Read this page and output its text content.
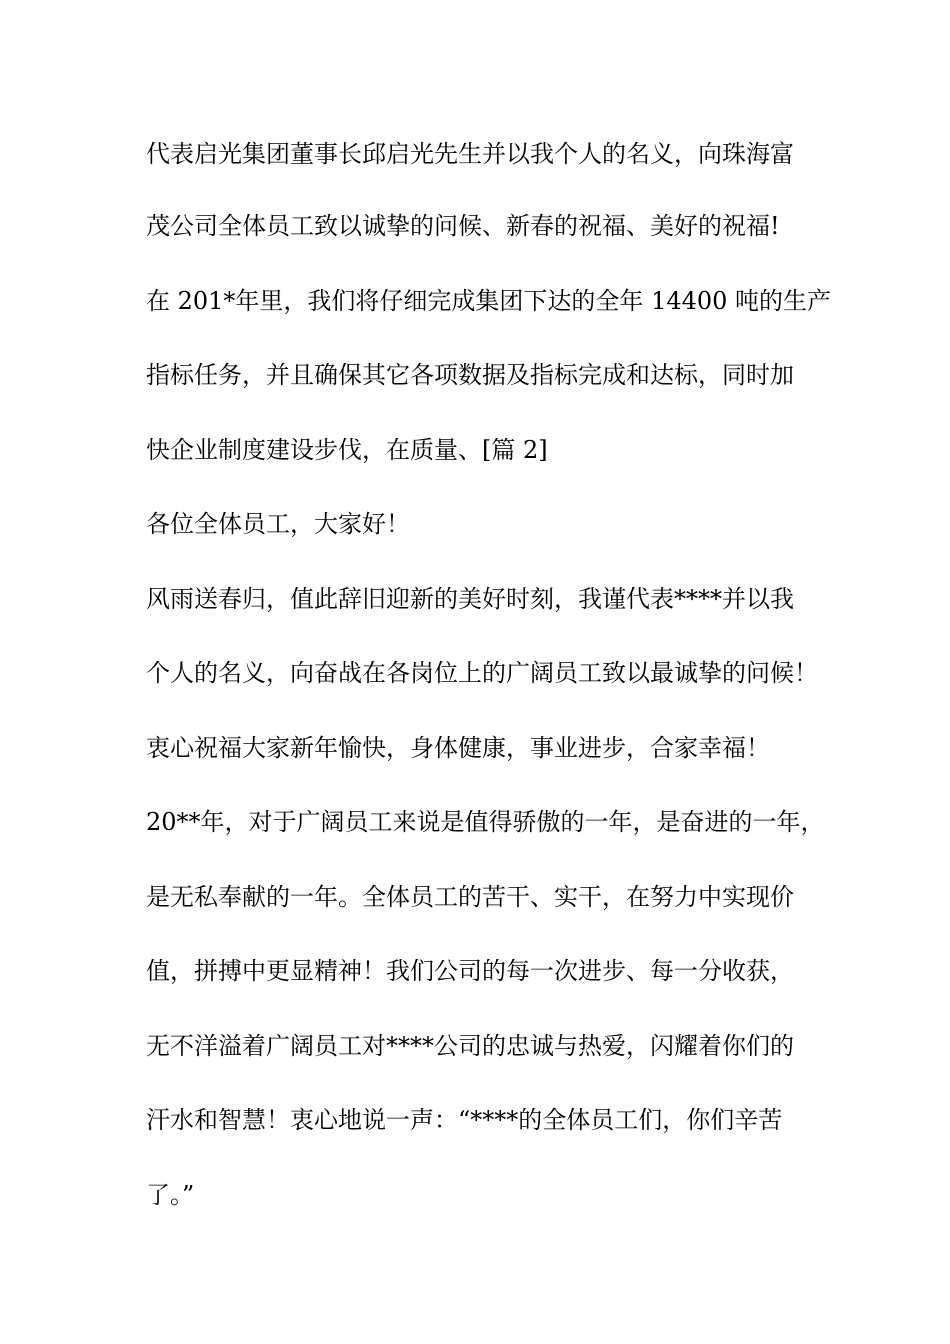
代表启光集团董事长邱启光先生并以我个人的名义，向珠海富
茂公司全体员工致以诚挚的问候、新春的祝福、美好的祝福!
在 201*年里，我们将仔细完成集团下达的全年 14400 吨的生产
指标任务，并且确保其它各项数据及指标完成和达标，同时加
快企业制度建设步伐，在质量、[篇 2]
各位全体员工，大家好！
风雨送春归，值此辞旧迎新的美好时刻，我谨代表****并以我
个人的名义，向奋战在各岗位上的广阔员工致以最诚挚的问候！
衷心祝福大家新年愉快，身体健康，事业进步，合家幸福！
20**年，对于广阔员工来说是值得骄傲的一年，是奋进的一年，
是无私奉献的一年。全体员工的苦干、实干，在努力中实现价
值，拼搏中更显精神！我们公司的每一次进步、每一分收获，
无不洋溢着广阔员工对****公司的忠诚与热爱，闪耀着你们的
汗水和智慧！衷心地说一声：“****的全体员工们，你们辛苦
了。”
